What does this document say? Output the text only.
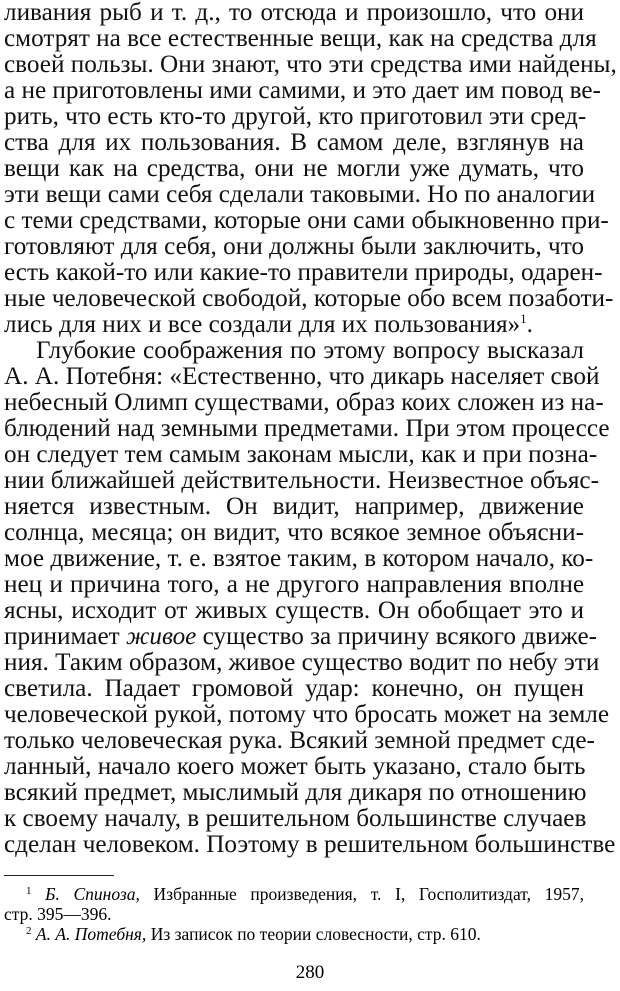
ливания рыб и т. д., то отсюда и произошло, что они
смотрят на все естественные вещи, как на средства для
своей пользы. Они знают, что эти средства ими найдены,
а не приготовлены ими самими, и это дает им повод ве-
рить, что есть кто-то другой, кто приготовил эти сред-
ства для их пользования. В самом деле, взглянув на
вещи как на средства, они не могли уже думать, что
эти вещи сами себя сделали таковыми. Но по аналогии
с теми средствами, которые они сами обыкновенно при-
готовляют для себя, они должны были заключить, что
есть какой-то или какие-то правители природы, одарен-
ные человеческой свободой, которые обо всем позаботи-
лись для них и все создали для их пользования»$^1$.
Глубокие соображения по этому вопросу высказал
А. А. Потебня: «Естественно, что дикарь населяет свой
небесный Олимп существами, образ коих сложен из на-
блюдений над земными предметами. При этом процессе
он следует тем самым законам мысли, как и при позна-
нии ближайшей действительности. Неизвестное объяс-
няется известным. Он видит, например, движение
солнца, месяца; он видит, что всякое земное объясни-
мое движение, т. е. взятое таким, в котором начало, ко-
нец и причина того, а не другого направления вполне
ясны, исходит от живых существ. Он обобщает это и
принимает живое существо за причину всякого движе-
ния. Таким образом, живое существо водит по небу эти
светила. Падает громовой удар: конечно, он пущен
человеческой рукой, потому что бросать может на земле
только человеческая рука. Всякий земной предмет сде-
ланный, начало коего может быть указано, стало быть
всякий предмет, мыслимый для дикаря по отношению
к своему началу, в решительном большинстве случаев
сделан человеком. Поэтому в решительном большинстве
$^1$ Б. Спиноза, Избранные произведения, т. I, Госполитиздат, 1957,
стр. 395—396.
$^2$ А. А. Потебня, Из записок по теории словесности, стр. 610.
280
